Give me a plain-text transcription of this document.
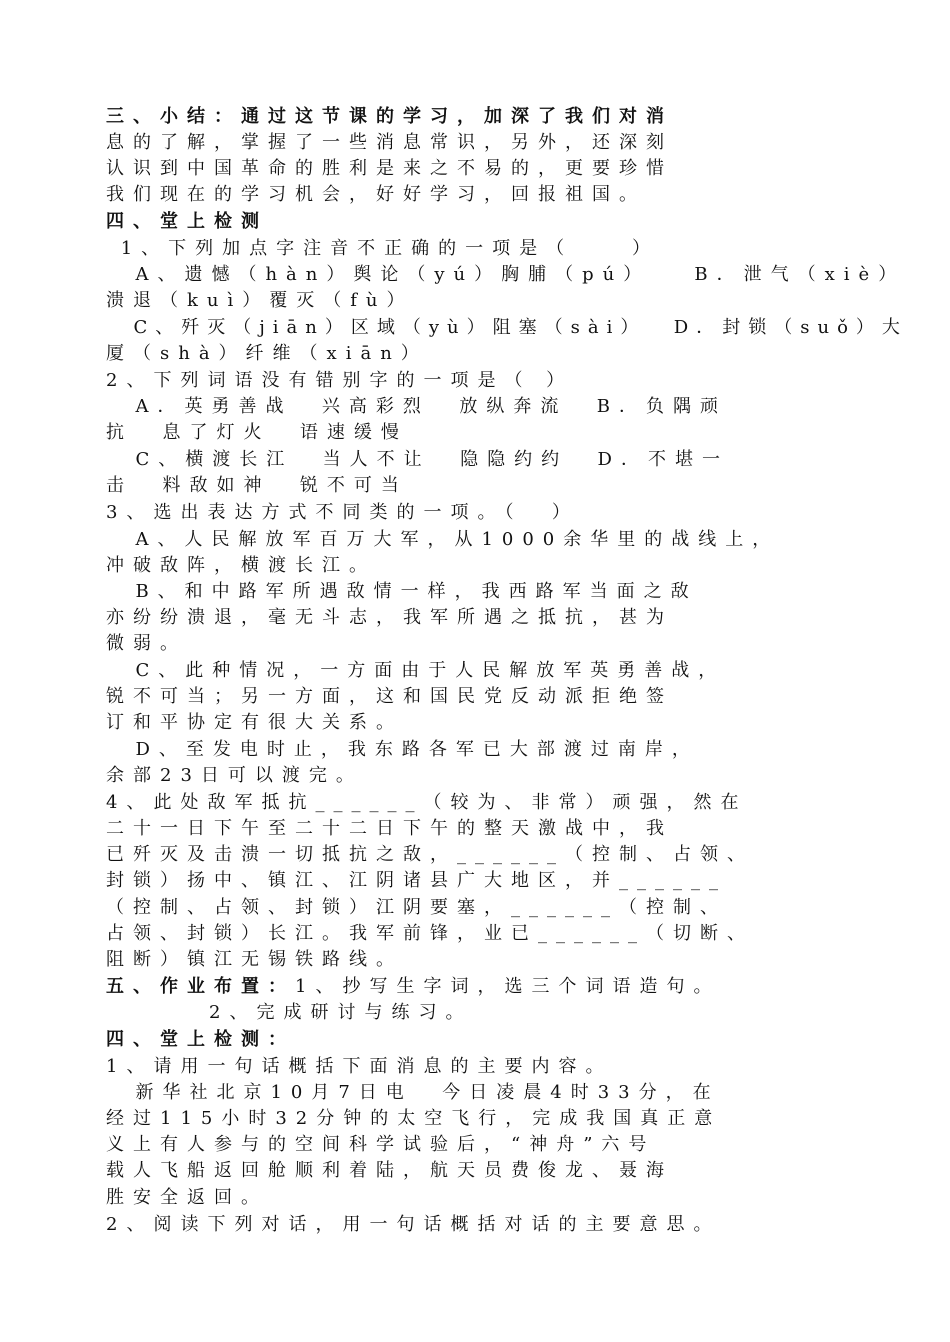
三、小结：通过这节课的学习，加深了我们对消
息的了解，掌握了一些消息常识，另外，还深刻
认识到中国革命的胜利是来之不易的，更要珍惜
我们现在的学习机会，好好学习，回报祖国。
四、堂上检测
1、下列加点字注音不正确的一项是（    ）
A、遗憾（hàn）舆论（yú）胸脯（pú）   B．泄气（xiè）
溃退（kuì）覆灭（fù）
C、歼灭（jiān）区域（yù）阻塞（sài）  D．封锁（suǒ）大
厦（shà）纤维（xiān）
2、下列词语没有错别字的一项是（ ）
A．英勇善战  兴高彩烈  放纵奔流  B．负隅顽
抗  息了灯火  语速缓慢
C、横渡长江  当人不让  隐隐约约  D．不堪一
击  料敌如神  锐不可当
3、选出表达方式不同类的一项。（  ）
A、人民解放军百万大军，从1000余华里的战线上，
冲破敌阵，横渡长江。
B、和中路军所遇敌情一样，我西路军当面之敌
亦纷纷溃退，毫无斗志，我军所遇之抵抗，甚为
微弱。
C、此种情况，一方面由于人民解放军英勇善战，
锐不可当；另一方面，这和国民党反动派拒绝签
订和平协定有很大关系。
D、至发电时止，我东路各军已大部渡过南岸，
余部23日可以渡完。
4、此处敌军抵抗______（较为、非常）顽强，然在
二十一日下午至二十二日下午的整天激战中，我
已歼灭及击溃一切抵抗之敌，______（控制、占领、
封锁）扬中、镇江、江阴诸县广大地区，并______
（控制、占领、封锁）江阴要塞，______（控制、
占领、封锁）长江。我军前锋，业已______（切断、
阻断）镇江无锡铁路线。
五、作业布置：1、抄写生字词，选三个词语造句。
2、完成研讨与练习。
四、堂上检测：
1、请用一句话概括下面消息的主要内容。
新华社北京10月7日电  今日凌晨4时33分，在
经过115小时32分钟的太空飞行，完成我国真正意
义上有人参与的空间科学试验后，“神舟”六号
载人飞船返回舱顺利着陆，航天员费俊龙、聂海
胜安全返回。
2、阅读下列对话，用一句话概括对话的主要意思。
